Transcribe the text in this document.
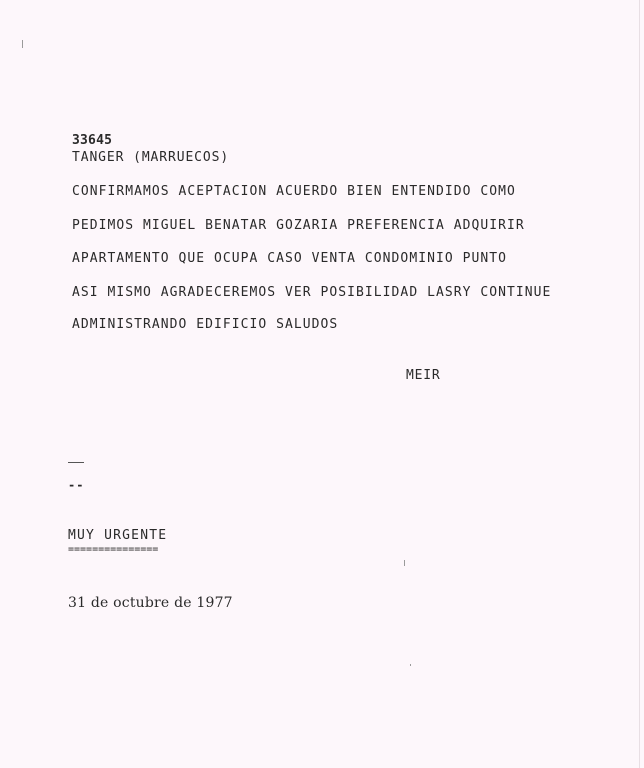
33645
TANGER (MARRUECOS)
CONFIRMAMOS ACEPTACION ACUERDO BIEN ENTENDIDO COMO
PEDIMOS MIGUEL BENATAR GOZARIA PREFERENCIA ADQUIRIR
APARTAMENTO QUE OCUPA CASO VENTA CONDOMINIO PUNTO
ASI MISMO AGRADECEREMOS VER POSIBILIDAD LASRY CONTINUE
ADMINISTRANDO EDIFICIO SALUDOS
MEIR
--
MUY URGENTE
===============
31 de octubre de 1977
